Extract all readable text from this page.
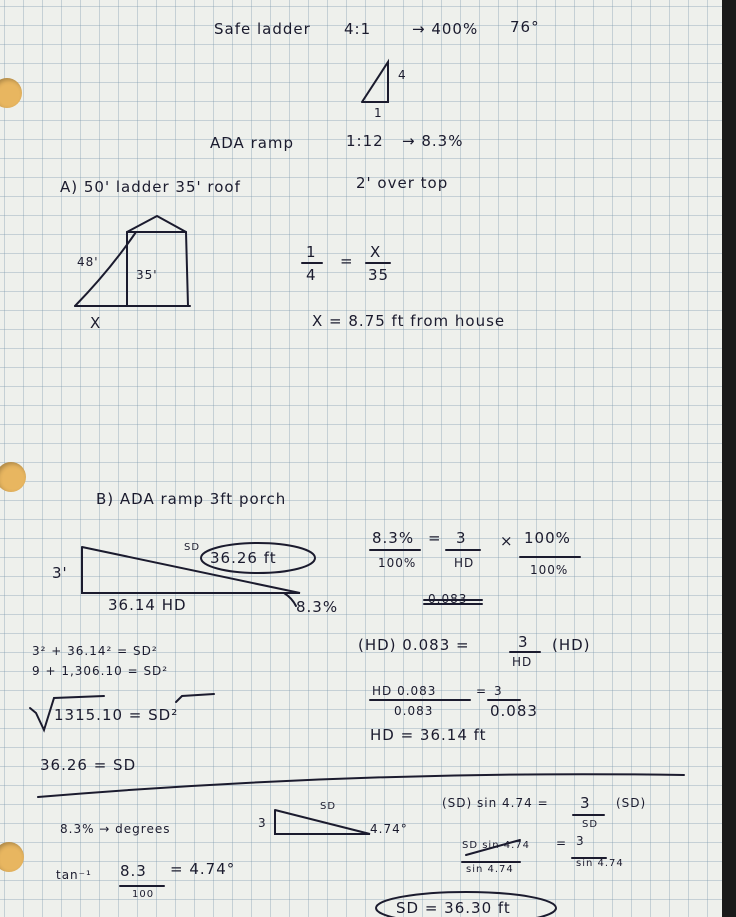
Safe ladder 4:1	→ 400% 76°
4
1
ADA ramp	1:12 → 8.3%
A) 50' ladder 35' roof	2' over top
48'
35'
X
1
4
= X
35
X = 8.75 ft from house
B) ADA ramp 3ft porch
3'
SD
36.26 ft
36.14 HD	8.3%
8.3%
100%
= 3
HD
× 100%
100%
0.083
(HD) 0.083 =	3
HD
(HD)
HD 0.083
0.083
= 3
0.083
HD = 36.14 ft
3² + 36.14² = SD²
9 + 1,306.10 = SD²
1315.10 = SD²
36.26 = SD
8.3% → degrees
tan⁻¹ 8.3
100
= 4.74°
3
SD
4.74°
(SD) sin 4.74 = 3
SD
(SD)
SD sin 4.74
sin 4.74
= 3
sin 4.74
SD = 36.30 ft
